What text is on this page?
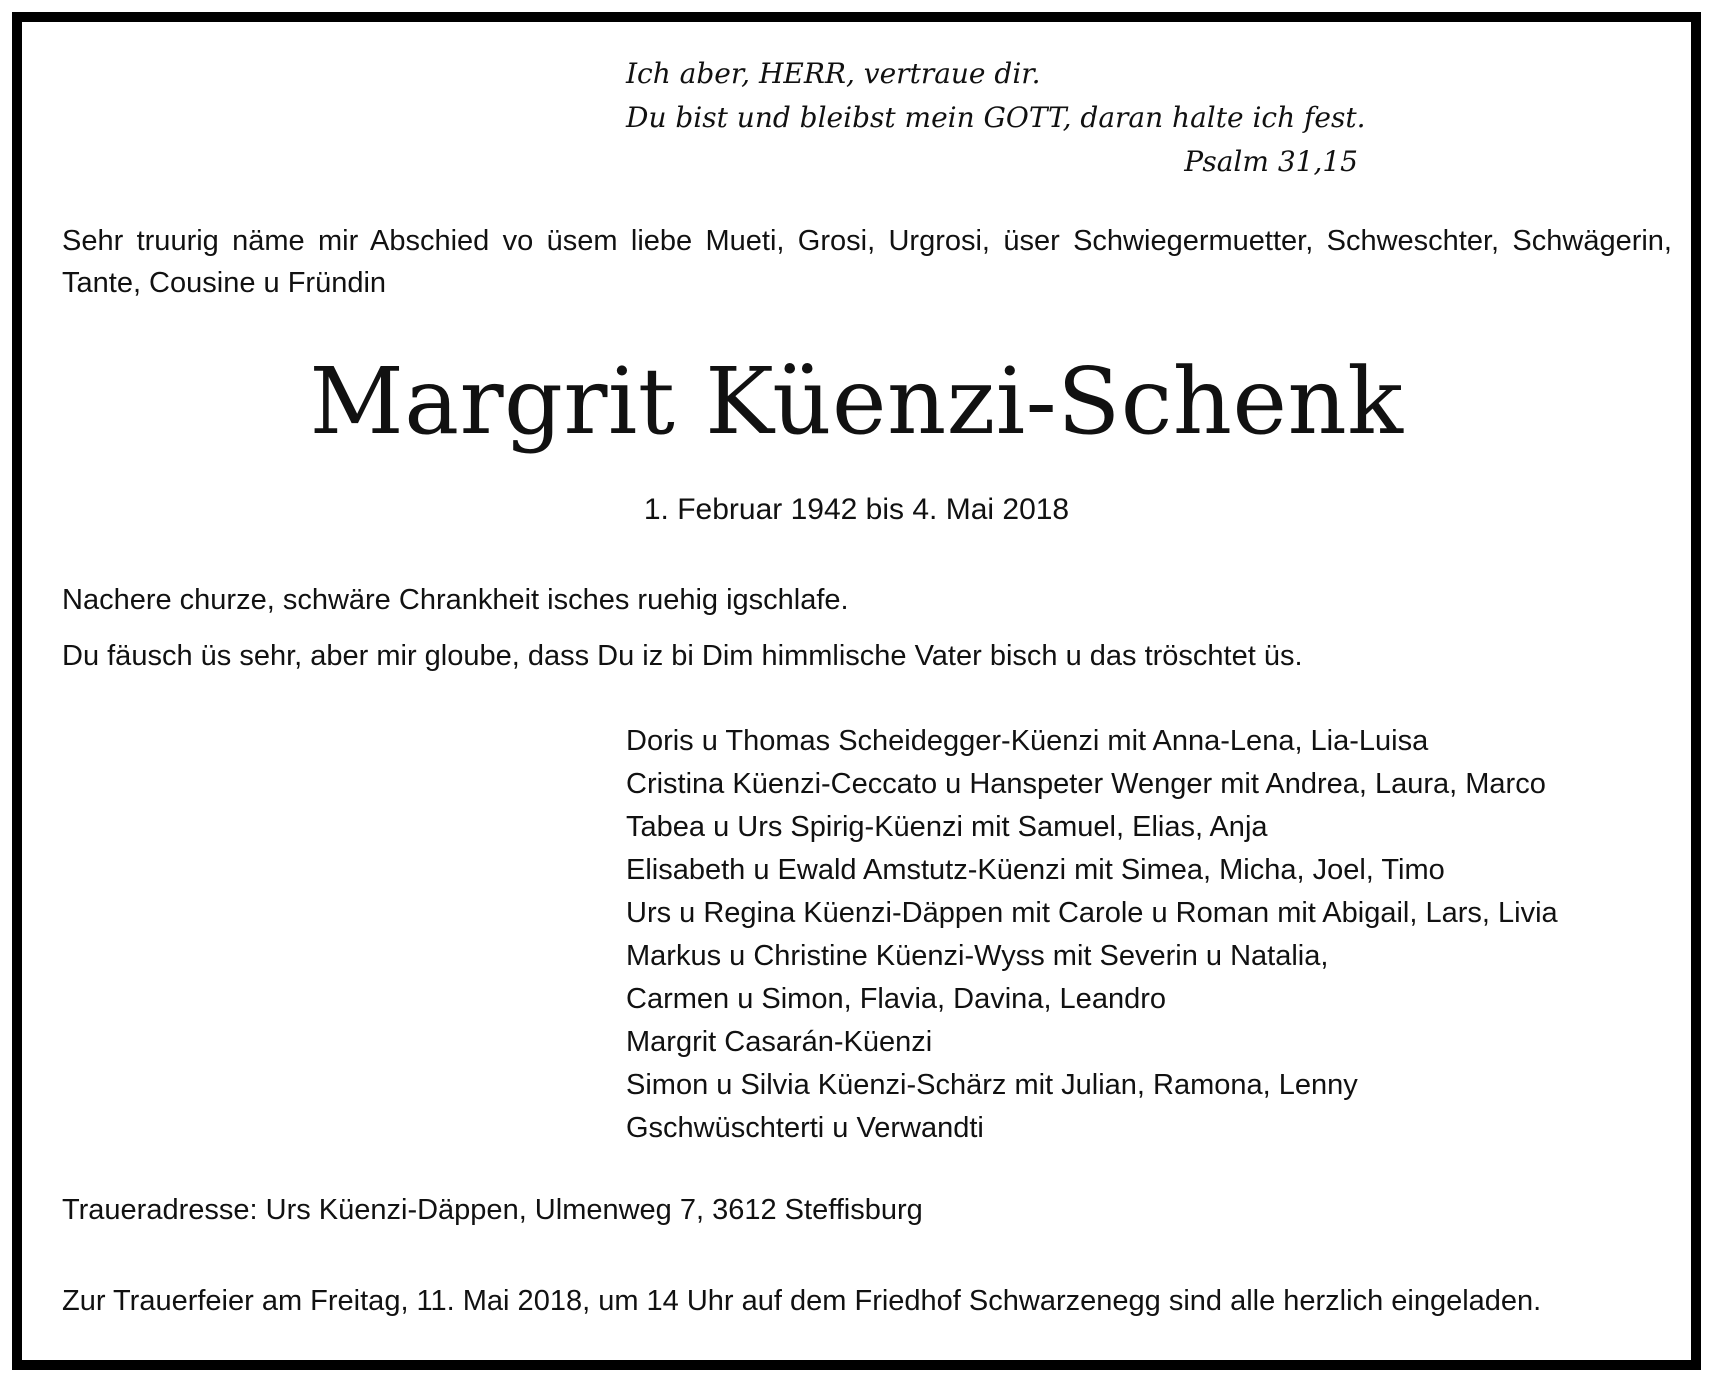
Ich aber, HERR, vertraue dir.
Du bist und bleibst mein GOTT, daran halte ich fest.
Psalm 31,15
Sehr truurig näme mir Abschied vo üsem liebe Mueti, Grosi, Urgrosi, üser Schwiegermuetter, Schweschter, Schwägerin, Tante, Cousine u Fründin
Margrit Küenzi-Schenk
1. Februar 1942 bis 4. Mai 2018
Nachere churze, schwäre Chrankheit isches ruehig igschlafe.
Du fäusch üs sehr, aber mir gloube, dass Du iz bi Dim himmlische Vater bisch u das tröschtet üs.
Doris u Thomas Scheidegger-Küenzi mit Anna-Lena, Lia-Luisa
Cristina Küenzi-Ceccato u Hanspeter Wenger mit Andrea, Laura, Marco
Tabea u Urs Spirig-Küenzi mit Samuel, Elias, Anja
Elisabeth u Ewald Amstutz-Küenzi mit Simea, Micha, Joel, Timo
Urs u Regina Küenzi-Däppen mit Carole u Roman mit Abigail, Lars, Livia
Markus u Christine Küenzi-Wyss mit Severin u Natalia,
Carmen u Simon, Flavia, Davina, Leandro
Margrit Casarán-Küenzi
Simon u Silvia Küenzi-Schärz mit Julian, Ramona, Lenny
Gschwüschterti u Verwandti
Traueradresse: Urs Küenzi-Däppen, Ulmenweg 7, 3612 Steffisburg
Zur Trauerfeier am Freitag, 11. Mai 2018, um 14 Uhr auf dem Friedhof Schwarzenegg sind alle herzlich eingeladen.
